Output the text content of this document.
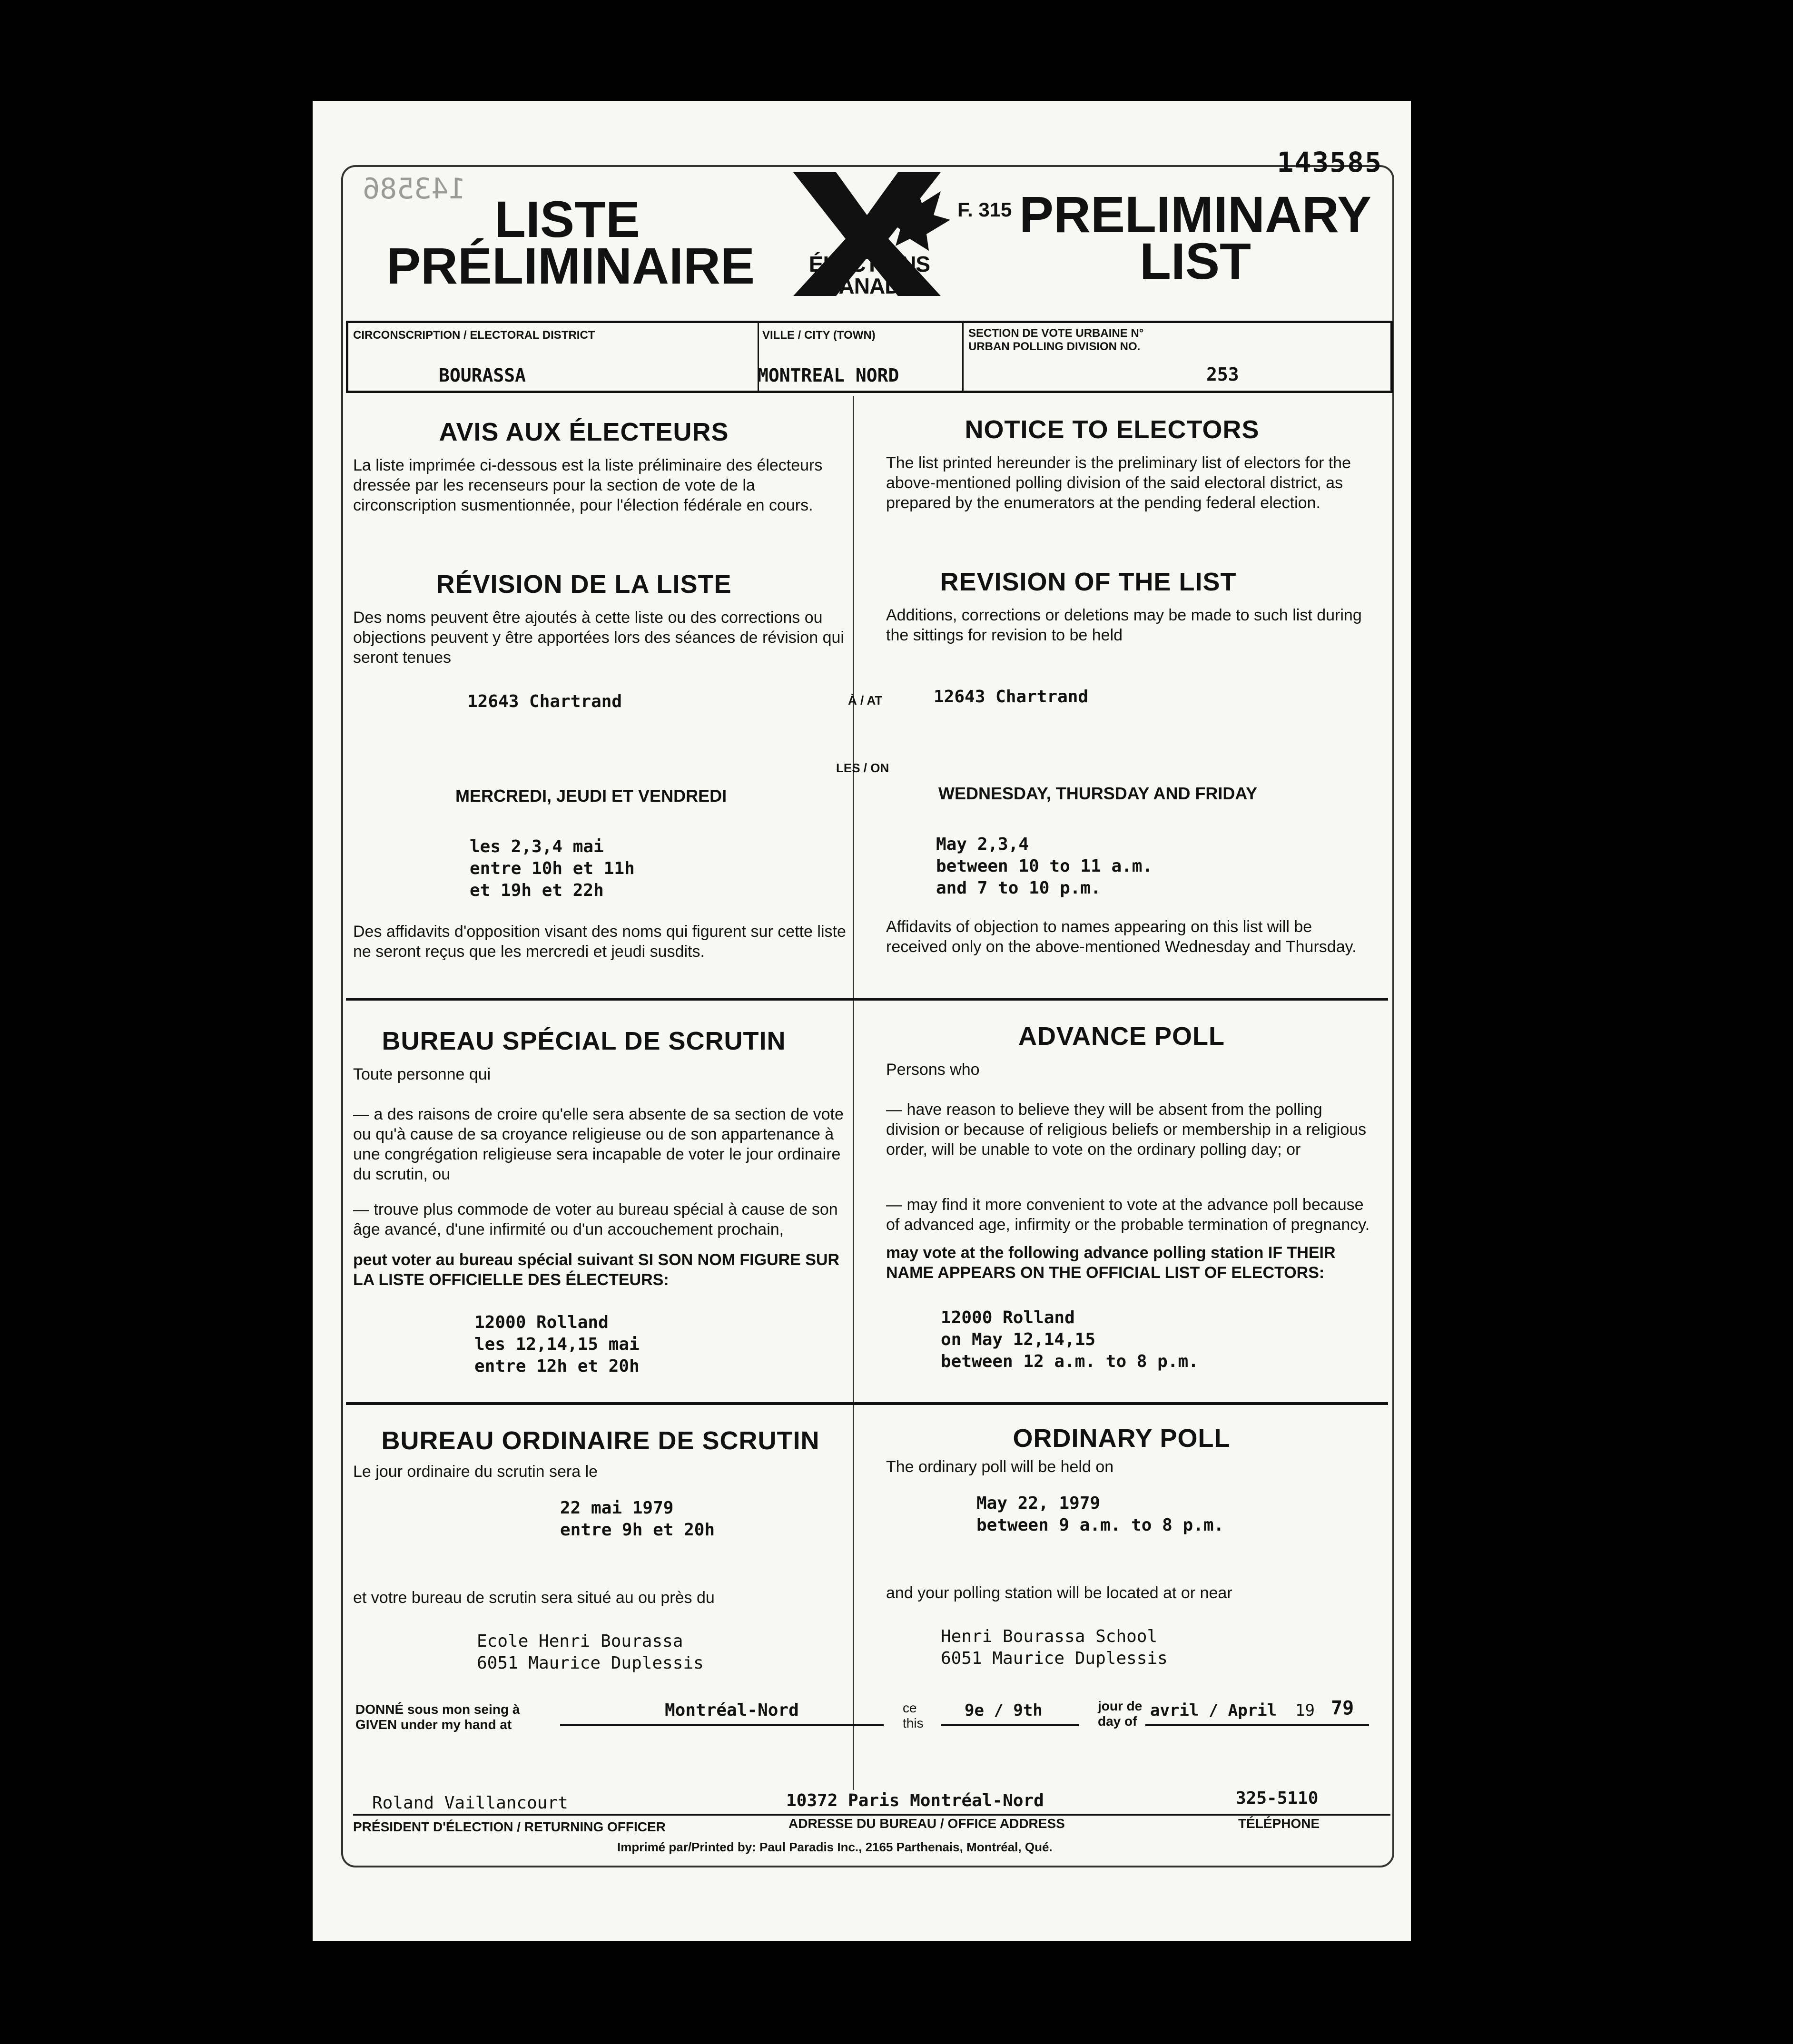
143585
143586
LISTE
PRÉLIMINAIRE	ÉLECTIONS
CANADA
F. 315 PRELIMINARY
LIST
CIRCONSCRIPTION / ELECTORAL DISTRICT
BOURASSA
VILLE / CITY (TOWN)
MONTREAL NORD
SECTION DE VOTE URBAINE N°
URBAN POLLING DIVISION NO.
253
AVIS AUX ÉLECTEURS

La liste imprimée ci-dessous est la liste préliminaire des électeurs dressée par les recenseurs pour la section de vote de la circonscription susmentionnée, pour l'élection fédérale en cours.

NOTICE TO ELECTORS

The list printed hereunder is the preliminary list of electors for the above-mentioned polling division of the said electoral district, as prepared by the enumerators at the pending federal election.

RÉVISION DE LA LISTE

Des noms peuvent être ajoutés à cette liste ou des corrections ou objections peuvent y être apportées lors des séances de révision qui seront tenues

REVISION OF THE LIST

Additions, corrections or deletions may be made to such list during the sittings for revision to be held

12643 Chartrand	À / AT	12643 Chartrand
LES / ON
MERCREDI, JEUDI ET VENDREDI	WEDNESDAY, THURSDAY AND FRIDAY
les 2,3,4 mai
entre 10h et 11h
et 19h et 22h
May 2,3,4
between 10 to 11 a.m.
and 7 to 10 p.m.

Des affidavits d'opposition visant des noms qui figurent sur cette liste ne seront reçus que les mercredi et jeudi susdits.

Affidavits of objection to names appearing on this list will be received only on the above-mentioned Wednesday and Thursday.

BUREAU SPÉCIAL DE SCRUTIN

Toute personne qui

— a des raisons de croire qu'elle sera absente de sa section de vote ou qu'à cause de sa croyance religieuse ou de son appartenance à une congrégation religieuse sera incapable de voter le jour ordinaire du scrutin, ou

— trouve plus commode de voter au bureau spécial à cause de son âge avancé, d'une infirmité ou d'un accouchement prochain,

peut voter au bureau spécial suivant SI SON NOM FIGURE SUR LA LISTE OFFICIELLE DES ÉLECTEURS:

ADVANCE POLL

Persons who

— have reason to believe they will be absent from the polling division or because of religious beliefs or membership in a religious order, will be unable to vote on the ordinary polling day; or

— may find it more convenient to vote at the advance poll because of advanced age, infirmity or the probable termination of pregnancy.

may vote at the following advance polling station IF THEIR NAME APPEARS ON THE OFFICIAL LIST OF ELECTORS:

12000 Rolland
les 12,14,15 mai
entre 12h et 20h
12000 Rolland
on May 12,14,15
between 12 a.m. to 8 p.m.
BUREAU ORDINAIRE DE SCRUTIN

Le jour ordinaire du scrutin sera le

ORDINARY POLL

The ordinary poll will be held on

22 mai 1979
entre 9h et 20h
May 22, 1979
between 9 a.m. to 8 p.m.

et votre bureau de scrutin sera situé au ou près du	and your polling station will be located at or near

Ecole Henri Bourassa
6051 Maurice Duplessis
Henri Bourassa School
6051 Maurice Duplessis
DONNÉ sous mon seing à
GIVEN under my hand at
Montréal-Nord	ce
this
9e / 9th	jour de
day of
avril / April 19 79
Roland Vaillancourt
PRÉSIDENT D'ÉLECTION / RETURNING OFFICER
10372 Paris Montréal-Nord
ADRESSE DU BUREAU / OFFICE ADDRESS
325-5110
TÉLÉPHONE
Imprimé par/Printed by: Paul Paradis Inc., 2165 Parthenais, Montréal, Qué.
